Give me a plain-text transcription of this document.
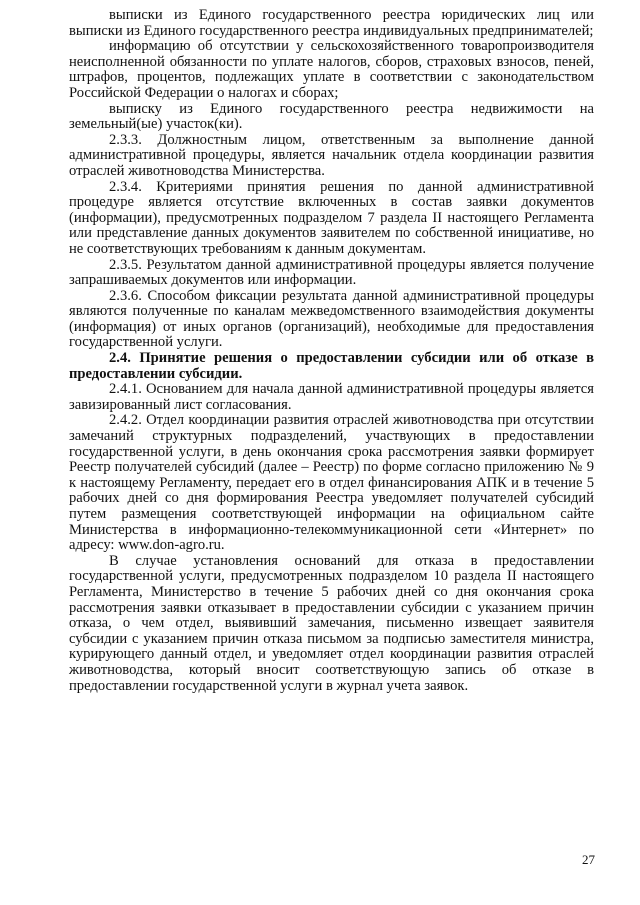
выписки из Единого государственного реестра юридических лиц или выписки из Единого государственного реестра индивидуальных предпринимателей;

информацию об отсутствии у сельскохозяйственного товаропроизводителя неисполненной обязанности по уплате налогов, сборов, страховых взносов, пеней, штрафов, процентов, подлежащих уплате в соответствии с законодательством Российской Федерации о налогах и сборах;

выписку из Единого государственного реестра недвижимости на земельный(ые) участок(ки).

2.3.3. Должностным лицом, ответственным за выполнение данной административной процедуры, является начальник отдела координации развития отраслей животноводства Министерства.

2.3.4. Критериями принятия решения по данной административной процедуре является отсутствие включенных в состав заявки документов (информации), предусмотренных подразделом 7 раздела II настоящего Регламента или представление данных документов заявителем по собственной инициативе, но не соответствующих требованиям к данным документам.

2.3.5. Результатом данной административной процедуры является получение запрашиваемых документов или информации.

2.3.6. Способом фиксации результата данной административной процедуры являются полученные по каналам межведомственного взаимодействия документы (информация) от иных органов (организаций), необходимые для предоставления государственной услуги.

2.4. Принятие решения о предоставлении субсидии или об отказе в предоставлении субсидии.

2.4.1. Основанием для начала данной административной процедуры является завизированный лист согласования.

2.4.2. Отдел координации развития отраслей животноводства при отсутствии замечаний структурных подразделений, участвующих в предоставлении государственной услуги, в день окончания срока рассмотрения заявки формирует Реестр получателей субсидий (далее – Реестр) по форме согласно приложению № 9 к настоящему Регламенту, передает его в отдел финансирования АПК и в течение 5 рабочих дней со дня формирования Реестра уведомляет получателей субсидий путем размещения соответствующей информации на официальном сайте Министерства в информационно-телекоммуникационной сети «Интернет» по адресу: www.don-agro.ru.

В случае установления оснований для отказа в предоставлении государственной услуги, предусмотренных подразделом 10 раздела II настоящего Регламента, Министерство в течение 5 рабочих дней со дня окончания срока рассмотрения заявки отказывает в предоставлении субсидии с указанием причин отказа, о чем отдел, выявивший замечания, письменно извещает заявителя субсидии с указанием причин отказа письмом за подписью заместителя министра, курирующего данный отдел, и уведомляет отдел координации развития отраслей животноводства, который вносит соответствующую запись об отказе в предоставлении государственной услуги в журнал учета заявок.

27
